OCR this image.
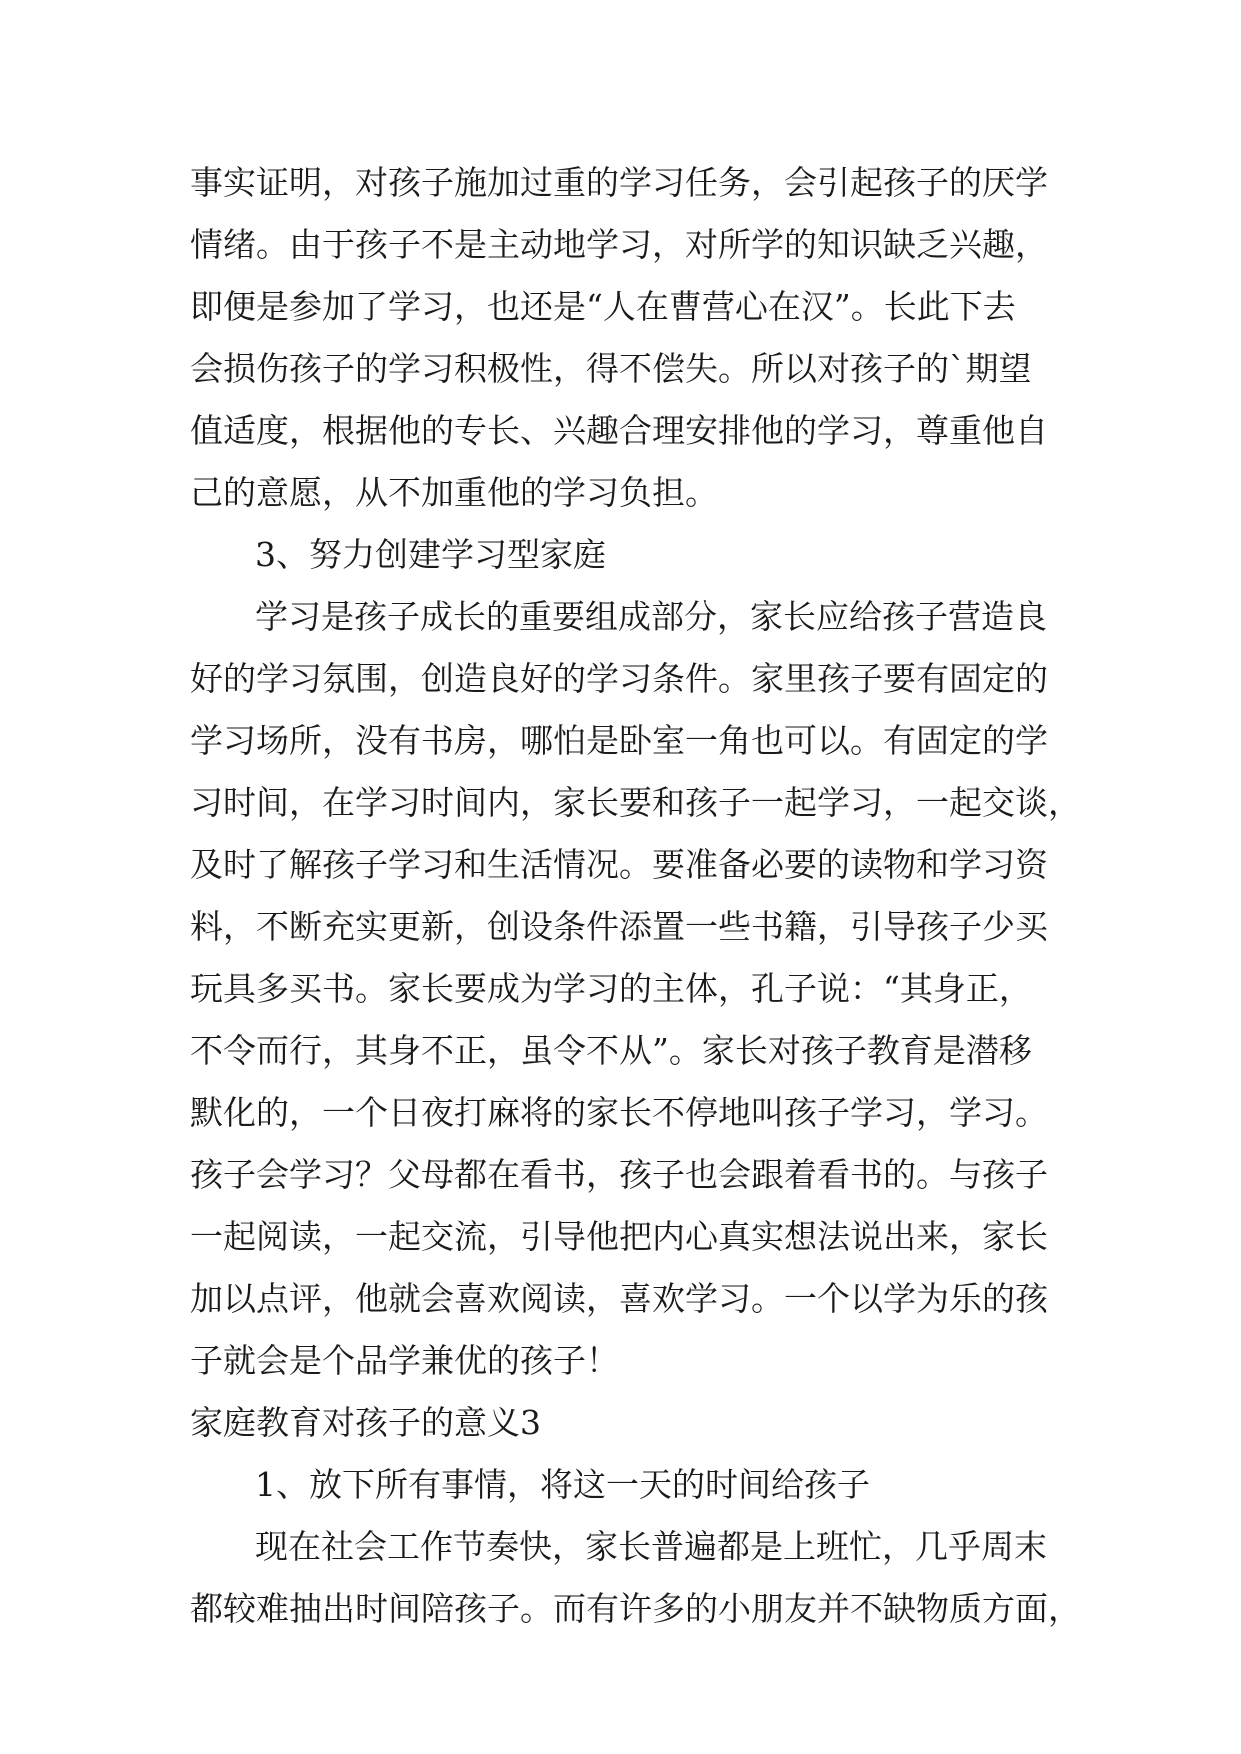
事实证明，对孩子施加过重的学习任务，会引起孩子的厌学
情绪。由于孩子不是主动地学习，对所学的知识缺乏兴趣，
即便是参加了学习，也还是“人在曹营心在汉”。长此下去
会损伤孩子的学习积极性，得不偿失。所以对孩子的`期望
值适度，根据他的专长、兴趣合理安排他的学习，尊重他自
己的意愿，从不加重他的学习负担。
3、努力创建学习型家庭
学习是孩子成长的重要组成部分，家长应给孩子营造良
好的学习氛围，创造良好的学习条件。家里孩子要有固定的
学习场所，没有书房，哪怕是卧室一角也可以。有固定的学
习时间，在学习时间内，家长要和孩子一起学习，一起交谈，
及时了解孩子学习和生活情况。要准备必要的读物和学习资
料，不断充实更新，创设条件添置一些书籍，引导孩子少买
玩具多买书。家长要成为学习的主体，孔子说：“其身正，
不令而行，其身不正，虽令不从”。家长对孩子教育是潜移
默化的，一个日夜打麻将的家长不停地叫孩子学习，学习。
孩子会学习？父母都在看书，孩子也会跟着看书的。与孩子
一起阅读，一起交流，引导他把内心真实想法说出来，家长
加以点评，他就会喜欢阅读，喜欢学习。一个以学为乐的孩
子就会是个品学兼优的孩子！
家庭教育对孩子的意义3
1、放下所有事情，将这一天的时间给孩子
现在社会工作节奏快，家长普遍都是上班忙，几乎周末
都较难抽出时间陪孩子。而有许多的小朋友并不缺物质方面，
